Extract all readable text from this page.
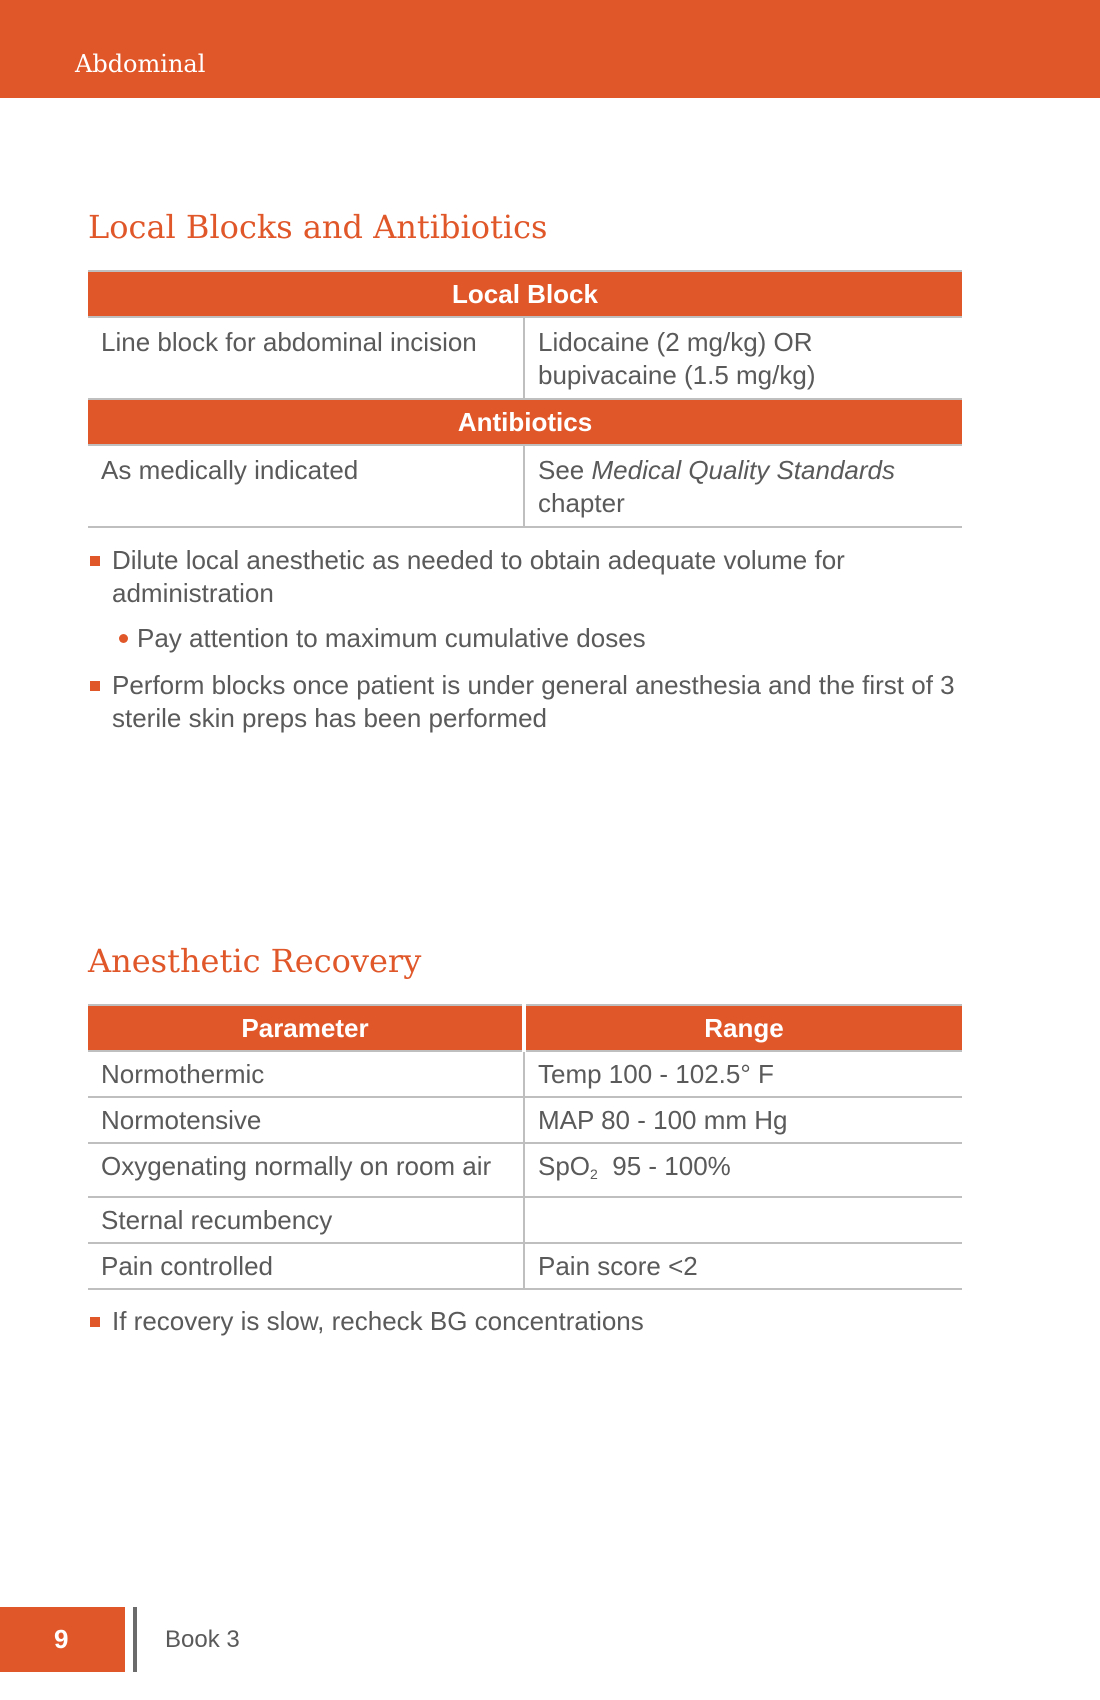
Abdominal
Local Blocks and Antibiotics
Local Block	
Line block for abdominal incision	Lidocaine (2 mg/kg) OR bupivacaine (1.5 mg/kg)
Antibiotics	
As medically indicated	See Medical Quality Standards chapter
Dilute local anesthetic as needed to obtain adequate volume for administration
Pay attention to maximum cumulative doses
Perform blocks once patient is under general anesthesia and the first of 3 sterile skin preps has been performed
Anesthetic Recovery
Parameter	Range
Normothermic	Temp 100 - 102.5° F
Normotensive	MAP 80 - 100 mm Hg
Oxygenating normally on room air	SpO$_2$  95 - 100%
Sternal recumbency	
Pain controlled	Pain score <2
If recovery is slow, recheck BG concentrations
9	Book 3
